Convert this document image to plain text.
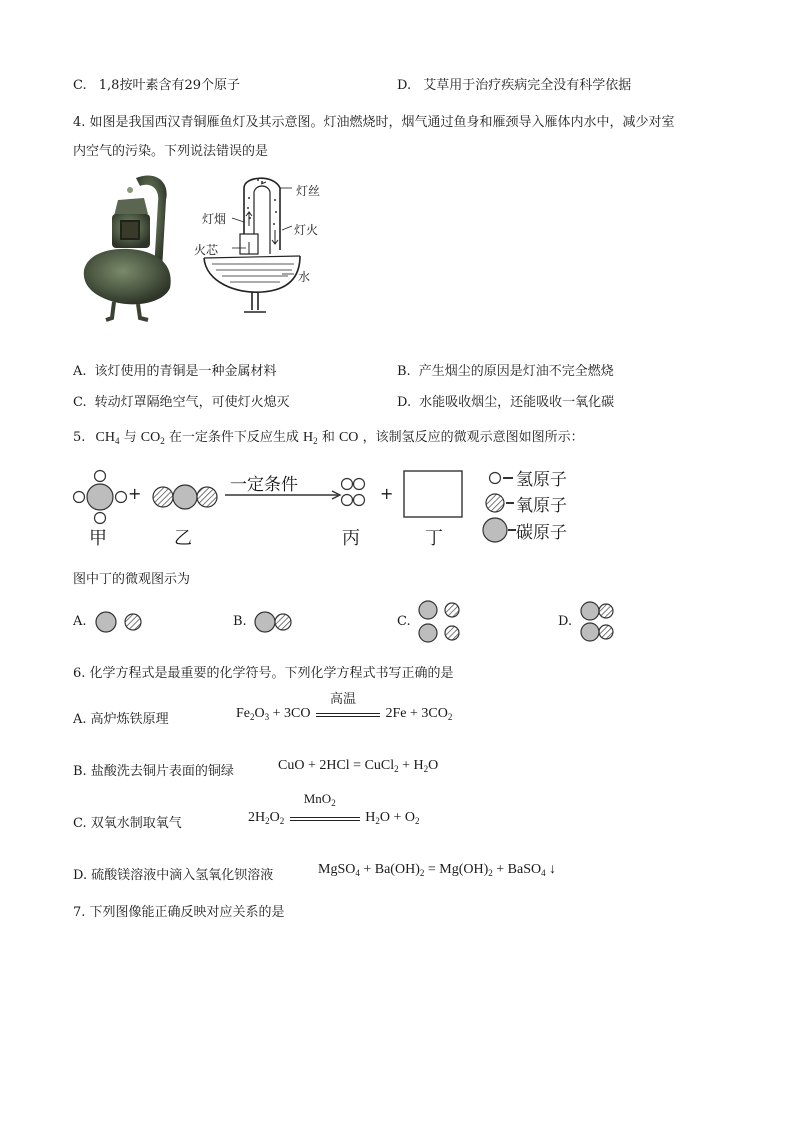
C. 1,8按叶素含有29个原子	D. 艾草用于治疗疾病完全没有科学依据
4. 如图是我国西汉青铜雁鱼灯及其示意图。灯油燃烧时，烟气通过鱼身和雁颈导入雁体内水中，减少对室
内空气的污染。下列说法错误的是
灯丝
灯烟
灯火
火芯
水
A. 该灯使用的青铜是一种金属材料	B. 产生烟尘的原因是灯油不完全燃烧
C. 转动灯罩隔绝空气，可使灯火熄灭	D. 水能吸收烟尘，还能吸收一氧化碳
5. $CH_4$ 与 $CO_2$ 在一定条件下反应生成 $H_2$ 和 CO ，该制氢反应的微观示意图如图所示：
一定条件
+	+
甲	乙	丙	丁
氢原子
氧原子
碳原子
图中丁的微观图示为
A.	B.	C.	D.
6. 化学方程式是最重要的化学符号。下列化学方程式书写正确的是
A. 高炉炼铁原理	$Fe_2O_3 + 3CO$
高温
$2Fe + 3CO_2$
B. 盐酸洗去铜片表面的铜绿	CuO + 2HCl = CuCl$_2$ + $H_2O$
C. 双氧水制取氧气	$2H_2O_2$
MnO$_2$
$H_2O + O_2$
D. 硫酸镁溶液中滴入氢氧化钡溶液	MgSO$_4$ + $Ba(OH)_2 = Mg(OH)_2$ + BaSO$_4$ ↓
7. 下列图像能正确反映对应关系的是
